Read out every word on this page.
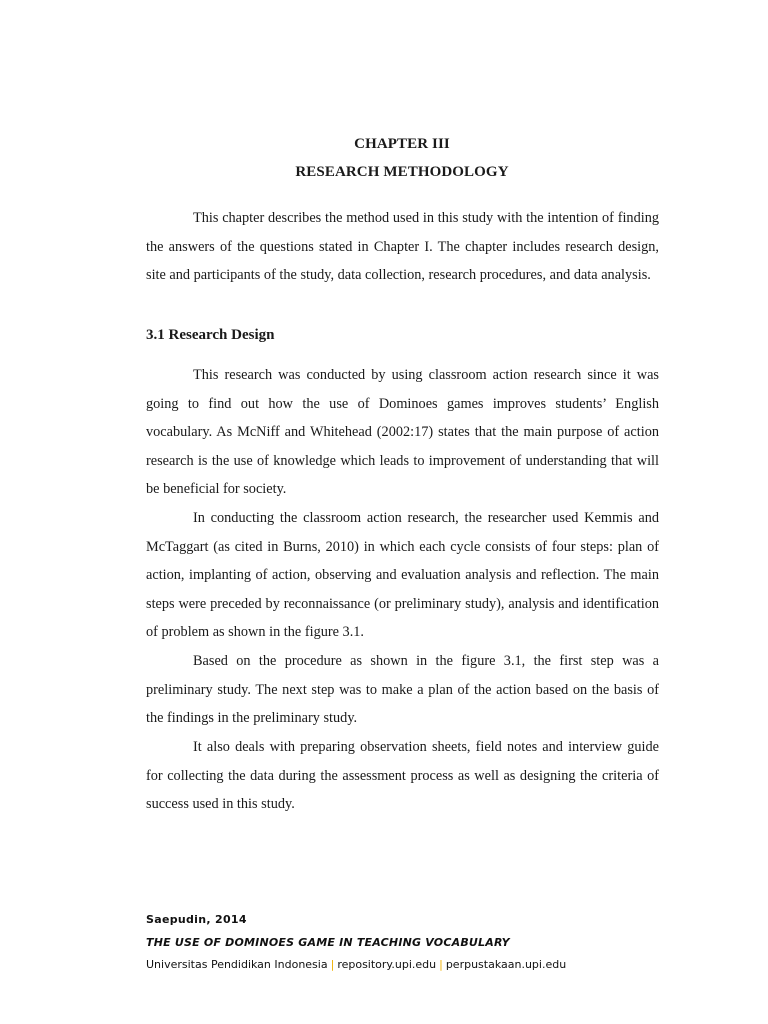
CHAPTER III
RESEARCH METHODOLOGY

This chapter describes the method used in this study with the intention of finding the answers of the questions stated in Chapter I. The chapter includes research design, site and participants of the study, data collection, research procedures, and data analysis.

3.1 Research Design

This research was conducted by using classroom action research since it was going to find out how the use of Dominoes games improves students’ English vocabulary. As McNiff and Whitehead (2002:17) states that the main purpose of action research is the use of knowledge which leads to improvement of understanding that will be beneficial for society.

In conducting the classroom action research, the researcher used Kemmis and McTaggart (as cited in Burns, 2010) in which each cycle consists of four steps: plan of action, implanting of action, observing and evaluation analysis and reflection. The main steps were preceded by reconnaissance (or preliminary study), analysis and identification of problem as shown in the figure 3.1.

Based on the procedure as shown in the figure 3.1, the first step was a preliminary study. The next step was to make a plan of the action based on the basis of the findings in the preliminary study.

It also deals with preparing observation sheets, field notes and interview guide for collecting the data during the assessment process as well as designing the criteria of success used in this study.

Saepudin, 2014
THE USE OF DOMINOES GAME IN TEACHING VOCABULARY
Universitas Pendidikan Indonesia | repository.upi.edu | perpustakaan.upi.edu
